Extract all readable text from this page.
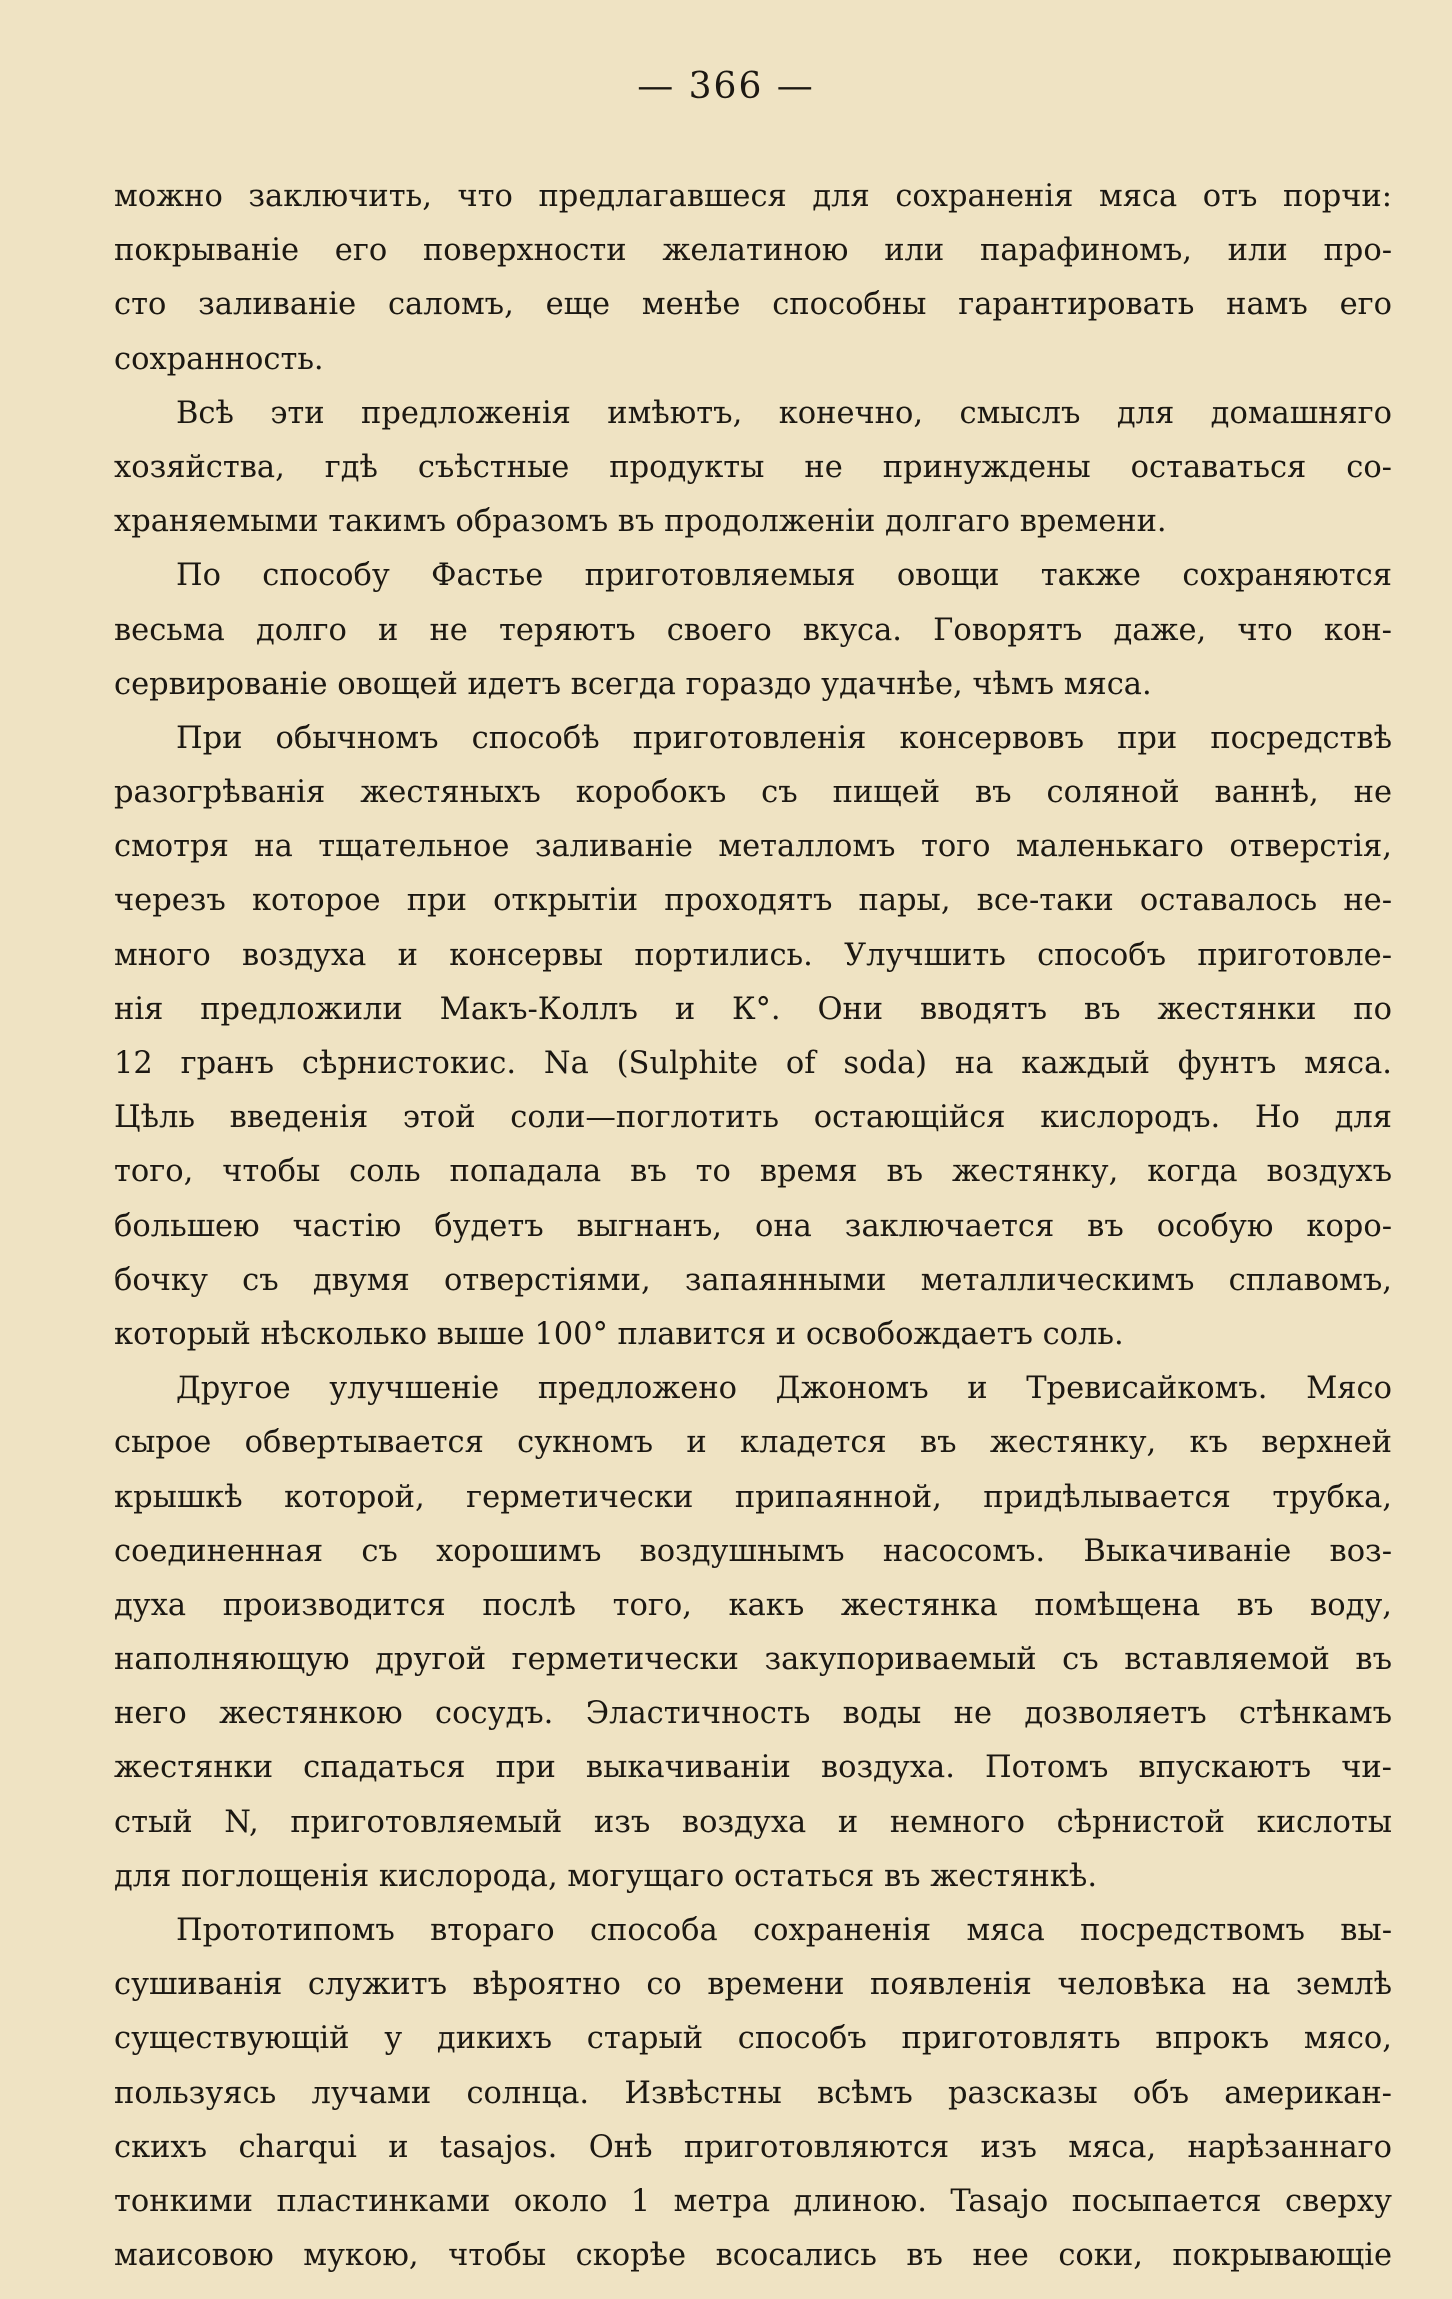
— 366 —

можно заключить, что предлагавшеся для сохраненія мяса отъ порчи:
покрываніе его поверхности желатиною или парафиномъ, или про-
сто заливаніе саломъ, еще менѣе способны гарантировать намъ его
сохранность.
Всѣ эти предложенія имѣютъ, конечно, смыслъ для домашняго
хозяйства, гдѣ съѣстные продукты не принуждены оставаться со-
храняемыми такимъ образомъ въ продолженіи долгаго времени.
По способу Фастье приготовляемыя овощи также сохраняются
весьма долго и не теряютъ своего вкуса. Говорятъ даже, что кон-
сервированіе овощей идетъ всегда гораздо удачнѣе, чѣмъ мяса.
При обычномъ способѣ приготовленія консервовъ при посредствѣ
разогрѣванія жестяныхъ коробокъ съ пищей въ соляной ваннѣ, не
смотря на тщательное заливаніе металломъ того маленькаго отверстія,
черезъ которое при открытіи проходятъ пары, все-таки оставалось не-
много воздуха и консервы портились. Улучшить способъ приготовле-
нія предложили Макъ-Коллъ и К°. Они вводятъ въ жестянки по
12 гранъ сѣрнистокис. Na (Sulphite of soda) на каждый фунтъ мяса.
Цѣль введенія этой соли—поглотить остающійся кислородъ. Но для
того, чтобы соль попадала въ то время въ жестянку, когда воздухъ
большею частію будетъ выгнанъ, она заключается въ особую коро-
бочку съ двумя отверстіями, запаянными металлическимъ сплавомъ,
который нѣсколько выше 100° плавится и освобождаетъ соль.
Другое улучшеніе предложено Джономъ и Тревисайкомъ. Мясо
сырое обвертывается сукномъ и кладется въ жестянку, къ верхней
крышкѣ которой, герметически припаянной, придѣлывается трубка,
соединенная съ хорошимъ воздушнымъ насосомъ. Выкачиваніе воз-
духа производится послѣ того, какъ жестянка помѣщена въ воду,
наполняющую другой герметически закупориваемый съ вставляемой въ
него жестянкою сосудъ. Эластичность воды не дозволяетъ стѣнкамъ
жестянки спадаться при выкачиваніи воздуха. Потомъ впускаютъ чи-
стый N, приготовляемый изъ воздуха и немного сѣрнистой кислоты
для поглощенія кислорода, могущаго остаться въ жестянкѣ.
Прототипомъ втораго способа сохраненія мяса посредствомъ вы-
сушиванія служитъ вѣроятно со времени появленія человѣка на землѣ
существующій у дикихъ старый способъ приготовлять впрокъ мясо,
пользуясь лучами солнца. Извѣстны всѣмъ разсказы объ американ-
скихъ charqui и tasajos. Онѣ приготовляются изъ мяса, нарѣзаннаго
тонкими пластинками около 1 метра длиною. Tasajo посыпается сверху
маисовою мукою, чтобы скорѣе всосались въ нее соки, покрывающіе
